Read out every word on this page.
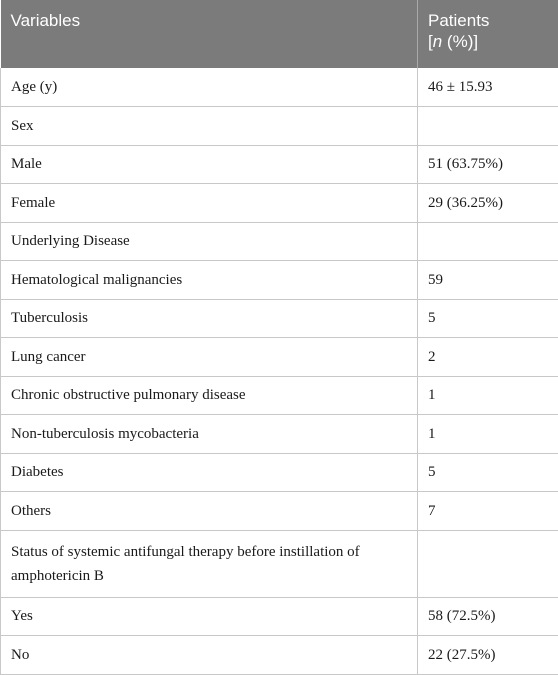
Variables	Patients
[n (%)]
Age (y)	46 ± 15.93
Sex	
Male	51 (63.75%)
Female	29 (36.25%)
Underlying Disease	
Hematological malignancies	59
Tuberculosis	5
Lung cancer	2
Chronic obstructive pulmonary disease	1
Non-tuberculosis mycobacteria	1
Diabetes	5
Others	7
Status of systemic antifungal therapy before instillation of amphotericin B	
Yes	58 (72.5%)
No	22 (27.5%)
